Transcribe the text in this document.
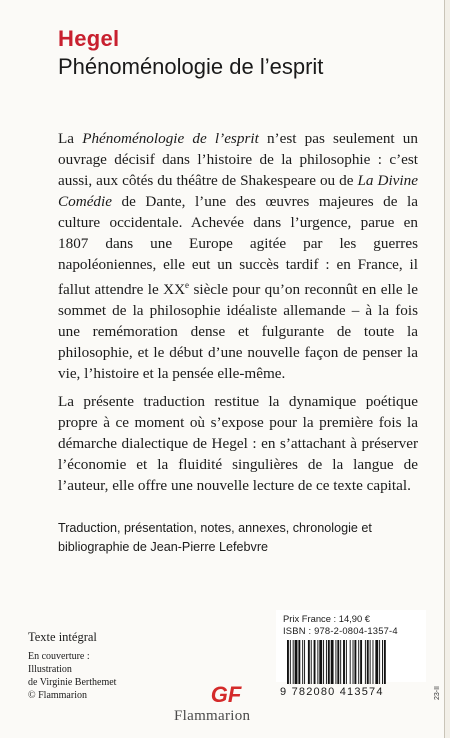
Hegel
Phénoménologie de l’esprit

La Phénoménologie de l’esprit n’est pas seulement un ouvrage décisif dans l’histoire de la philosophie : c’est aussi, aux côtés du théâtre de Shakespeare ou de La Divine Comédie de Dante, l’une des œuvres majeures de la culture occidentale. Achevée dans l’urgence, parue en 1807 dans une Europe agitée par les guerres napoléoniennes, elle eut un succès tardif : en France, il fallut attendre le XXe siècle pour qu’on reconnût en elle le sommet de la philosophie idéaliste allemande – à la fois une remémoration dense et fulgurante de toute la philosophie, et le début d’une nouvelle façon de penser la vie, l’histoire et la pensée elle-même.

La présente traduction restitue la dynamique poétique propre à ce moment où s’expose pour la première fois la démarche dialectique de Hegel : en s’attachant à préserver l’économie et la fluidité singulières de la langue de l’auteur, elle offre une nouvelle lecture de ce texte capital.

Traduction, présentation, notes, annexes, chronologie et bibliographie de Jean-Pierre Lefebvre
Texte intégral
En couverture :
Illustration
de Virginie Berthemet
© Flammarion	GF
Flammarion
Prix France : 14,90 €
ISBN : 978-2-0804-1357-4
9 782080 413574	23-II
